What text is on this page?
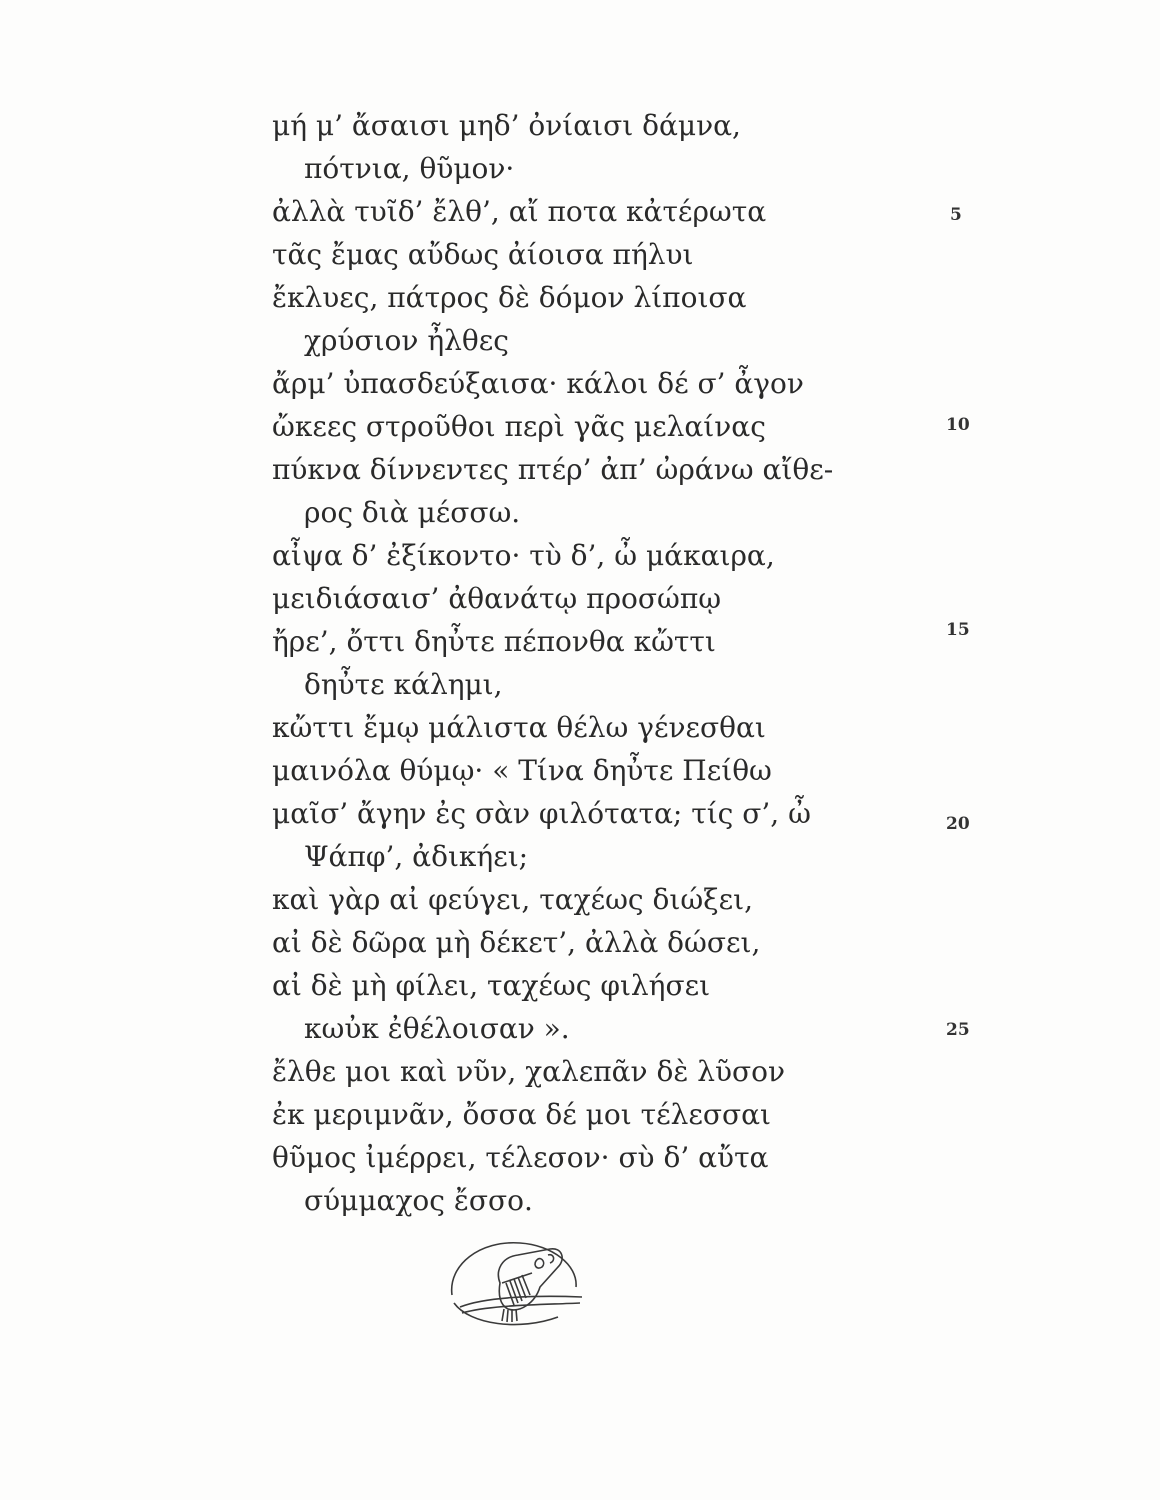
μή μ’ ἄσαισι μηδ’ ὀνίαισι δάμνα,
πότνια, θῦμον·
ἀλλὰ τυῖδ’ ἔλθ’, αἴ ποτα κἀτέρωτα
τᾶς ἔμας αὔδως ἀίοισα πήλυι
ἔκλυες, πάτρος δὲ δόμον λίποισα
χρύσιον ἦλθες
ἄρμ’ ὐπασδεύξαισα· κάλοι δέ σ’ ἆγον
ὤκεες στροῦθοι περὶ γᾶς μελαίνας
πύκνα δίννεντες πτέρ’ ἀπ’ ὠράνω αἴθε-
ρος διὰ μέσσω.
αἶψα δ’ ἐξίκοντο· τὺ δ’, ὦ μάκαιρα,
μειδιάσαισ’ ἀθανάτῳ προσώπῳ
ἤρε’, ὄττι δηὖτε πέπονθα κὤττι
δηὖτε κάλημι,
κὤττι ἔμῳ μάλιστα θέλω γένεσθαι
μαινόλα θύμῳ· « Τίνα δηὖτε Πείθω
μαῖσ’ ἄγην ἐς σὰν φιλότατα; τίς σ’, ὦ
Ψάπφ’, ἀδικήει;
καὶ γὰρ αἰ φεύγει, ταχέως διώξει,
αἰ δὲ δῶρα μὴ δέκετ’, ἀλλὰ δώσει,
αἰ δὲ μὴ φίλει, ταχέως φιλήσει
κωὐκ ἐθέλοισαν ».
ἔλθε μοι καὶ νῦν, χαλεπᾶν δὲ λῦσον
ἐκ μεριμνᾶν, ὄσσα δέ μοι τέλεσσαι
θῦμος ἰμέρρει, τέλεσον· σὺ δ’ αὔτα
σύμμαχος ἔσσο.
5
10
15
20
25
